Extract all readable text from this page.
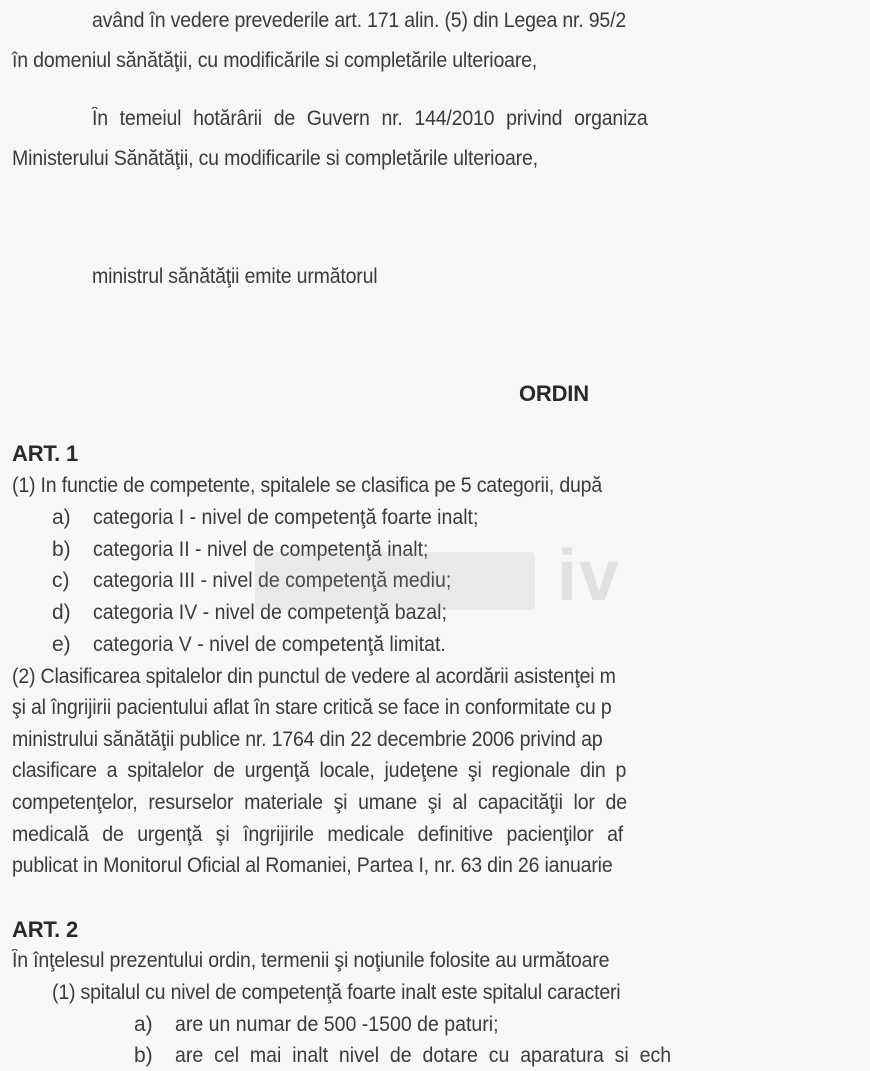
având în vedere prevederile art. 171 alin. (5) din Legea nr. 95/2
în domeniul sănătăţii, cu modificările si completările ulterioare,
În temeiul hotărârii de Guvern nr. 144/2010 privind organiza
Ministerului Sănătăţii, cu modificarile si completările ulterioare,
ministrul sănătăţii emite următorul
ORDIN
ART. 1
(1) In functie de competente, spitalele se clasifica pe 5 categorii, după
a) categoria I - nivel de competenţă foarte inalt;
b) categoria II - nivel de competenţă inalt;
c) categoria III - nivel de competenţă mediu;
d) categoria IV - nivel de competenţă bazal;
e) categoria V - nivel de competenţă limitat.
(2) Clasificarea spitalelor din punctul de vedere al acordării asistenţei m
şi al îngrijirii pacientului aflat în stare critică se face in conformitate cu p
ministrului sănătăţii publice nr. 1764 din 22 decembrie 2006 privind ap
clasificare a spitalelor de urgenţă locale, judeţene şi regionale din p
competenţelor, resurselor materiale şi umane şi al capacităţii lor de
medicală de urgenţă şi îngrijirile medicale definitive pacienţilor af
publicat in Monitorul Oficial al Romaniei, Partea I, nr. 63 din 26 ianuarie
ART. 2
În înţelesul prezentului ordin, termenii şi noţiunile folosite au următoare
(1) spitalul cu nivel de competenţă foarte inalt este spitalul caracteri
a) are un numar de 500 -1500 de paturi;
b) are  cel  mai  inalt  nivel  de  dotare  cu  aparatura  si  ech
iv
